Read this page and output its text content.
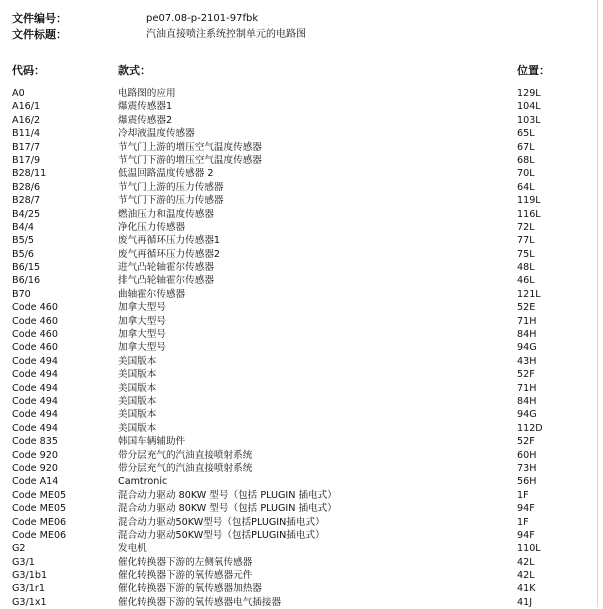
文件编号：	pe07.08-p-2101-97fbk
文件标题：	汽油直接喷注系统控制单元的电路图
代码：	款式：	位置：
A0	电路图的应用	129L
A16/1	爆震传感器1	104L
A16/2	爆震传感器2	103L
B11/4	冷却液温度传感器	65L
B17/7	节气门上游的增压空气温度传感器	67L
B17/9	节气门下游的增压空气温度传感器	68L
B28/11	低温回路温度传感器 2	70L
B28/6	节气门上游的压力传感器	64L
B28/7	节气门下游的压力传感器	119L
B4/25	燃油压力和温度传感器	116L
B4/4	净化压力传感器	72L
B5/5	废气再循环压力传感器1	77L
B5/6	废气再循环压力传感器2	75L
B6/15	进气凸轮轴霍尔传感器	48L
B6/16	排气凸轮轴霍尔传感器	46L
B70	曲轴霍尔传感器	121L
Code 460	加拿大型号	52E
Code 460	加拿大型号	71H
Code 460	加拿大型号	84H
Code 460	加拿大型号	94G
Code 494	美国版本	43H
Code 494	美国版本	52F
Code 494	美国版本	71H
Code 494	美国版本	84H
Code 494	美国版本	94G
Code 494	美国版本	112D
Code 835	韩国车辆辅助件	52F
Code 920	带分层充气的汽油直接喷射系统	60H
Code 920	带分层充气的汽油直接喷射系统	73H
Code A14	Camtronic	56H
Code ME05	混合动力驱动 80KW 型号（包括 PLUGIN 插电式）	1F
Code ME05	混合动力驱动 80KW 型号（包括 PLUGIN 插电式）	94F
Code ME06	混合动力驱动50KW型号（包括PLUGIN插电式）	1F
Code ME06	混合动力驱动50KW型号（包括PLUGIN插电式）	94F
G2	发电机	110L
G3/1	催化转换器下游的左侧氧传感器	42L
G3/1b1	催化转换器下游的氧传感器元件	42L
G3/1r1	催化转换器下游的氧传感器加热器	41K
G3/1x1	催化转换器下游的氧传感器电气插接器	41J
